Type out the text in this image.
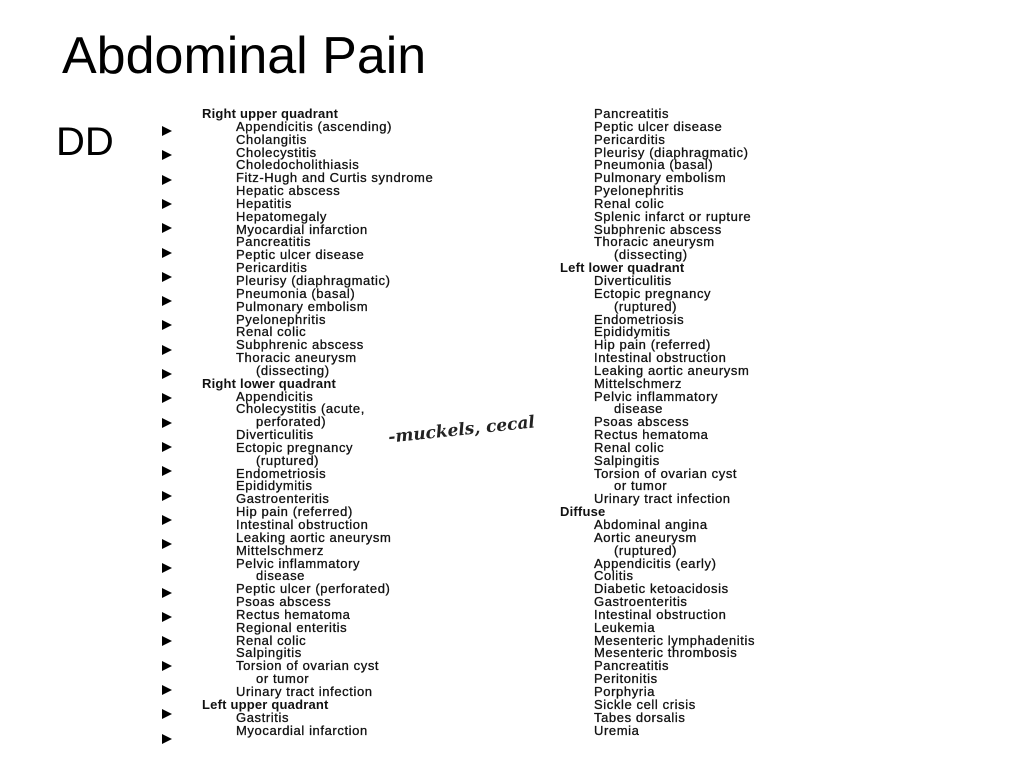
Abdominal Pain
DD
Right upper quadrant
Appendicitis (ascending)
Cholangitis
Cholecystitis
Choledocholithiasis
Fitz-Hugh and Curtis syndrome
Hepatic abscess
Hepatitis
Hepatomegaly
Myocardial infarction
Pancreatitis
Peptic ulcer disease
Pericarditis
Pleurisy (diaphragmatic)
Pneumonia (basal)
Pulmonary embolism
Pyelonephritis
Renal colic
Subphrenic abscess
Thoracic aneurysm
(dissecting)
Right lower quadrant
Appendicitis
Cholecystitis (acute,
perforated)
Diverticulitis
Ectopic pregnancy
(ruptured)
Endometriosis
Epididymitis
Gastroenteritis
Hip pain (referred)
Intestinal obstruction
Leaking aortic aneurysm
Mittelschmerz
Pelvic inflammatory
disease
Peptic ulcer (perforated)
Psoas abscess
Rectus hematoma
Regional enteritis
Renal colic
Salpingitis
Torsion of ovarian cyst
or tumor
Urinary tract infection
Left upper quadrant
Gastritis
Myocardial infarction
Pancreatitis
Peptic ulcer disease
Pericarditis
Pleurisy (diaphragmatic)
Pneumonia (basal)
Pulmonary embolism
Pyelonephritis
Renal colic
Splenic infarct or rupture
Subphrenic abscess
Thoracic aneurysm
(dissecting)
Left lower quadrant
Diverticulitis
Ectopic pregnancy
(ruptured)
Endometriosis
Epididymitis
Hip pain (referred)
Intestinal obstruction
Leaking aortic aneurysm
Mittelschmerz
Pelvic inflammatory
disease
Psoas abscess
Rectus hematoma
Renal colic
Salpingitis
Torsion of ovarian cyst
or tumor
Urinary tract infection
Diffuse
Abdominal angina
Aortic aneurysm
(ruptured)
Appendicitis (early)
Colitis
Diabetic ketoacidosis
Gastroenteritis
Intestinal obstruction
Leukemia
Mesenteric lymphadenitis
Mesenteric thrombosis
Pancreatitis
Peritonitis
Porphyria
Sickle cell crisis
Tabes dorsalis
Uremia
-muckels, cecal
